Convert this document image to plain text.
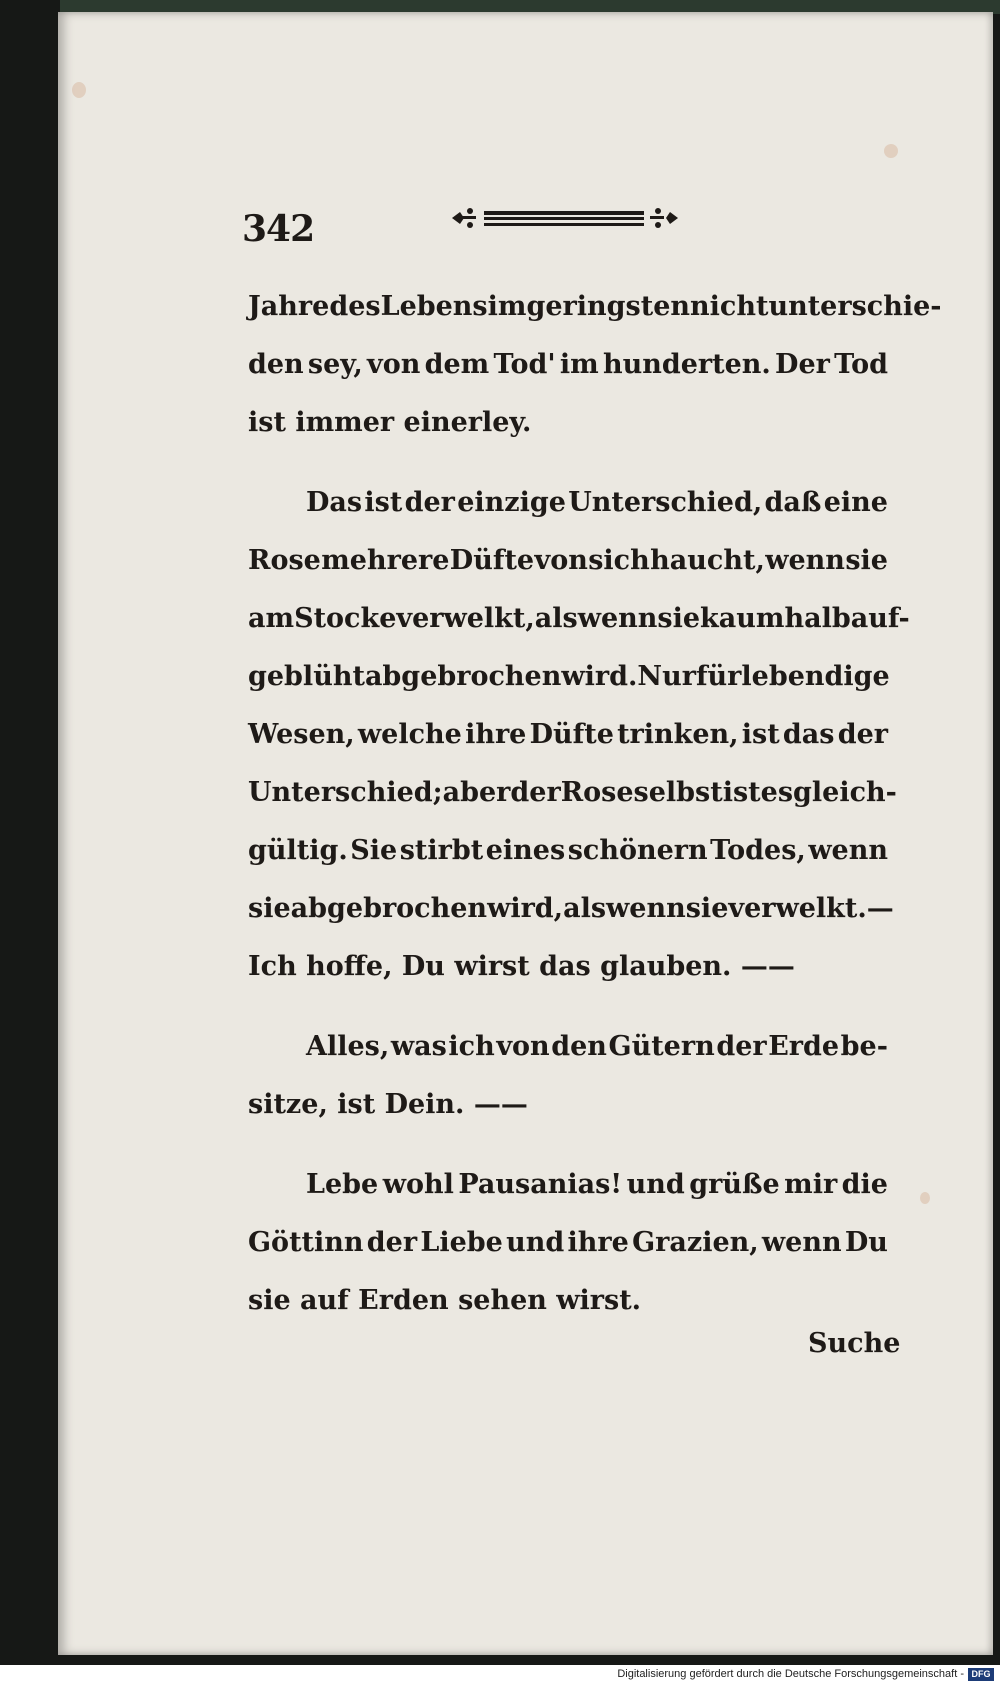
342
Jahre des Lebens im geringsten nicht unterschie-
den sey, von dem Tod' im hunderten. Der Tod
ist immer einerley.
Das ist der einzige Unterschied, daß eine
Rose mehrere Düfte von sich haucht, wenn sie
am Stocke verwelkt, als wenn sie kaum halb auf-
geblüht abgebrochen wird. Nur für lebendige
Wesen, welche ihre Düfte trinken, ist das der
Unterschied; aber der Rose selbst ist es gleich-
gültig. Sie stirbt eines schönern Todes, wenn
sie abgebrochen wird, als wenn sie verwelkt. —
Ich hoffe, Du wirst das glauben. ——
Alles, was ich von den Gütern der Erde be-
sitze, ist Dein. ——
Lebe wohl Pausanias! und grüße mir die
Göttinn der Liebe und ihre Grazien, wenn Du
sie auf Erden sehen wirst.
Suche
Digitalisierung gefördert durch die Deutsche Forschungsgemeinschaft - DFG
